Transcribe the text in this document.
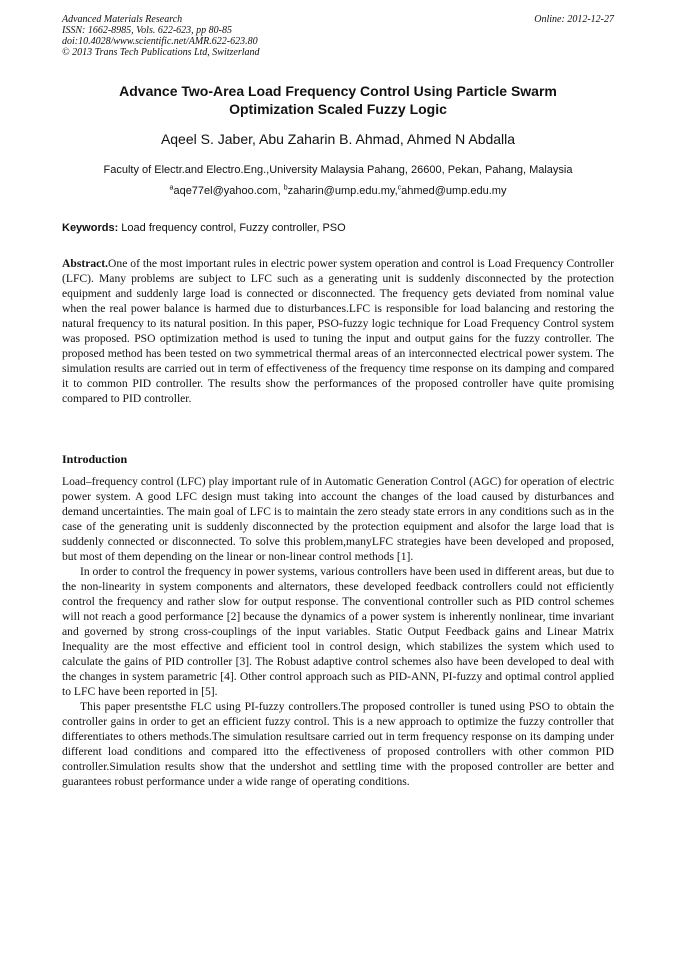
Advanced Materials Research
ISSN: 1662-8985, Vols. 622-623, pp 80-85
doi:10.4028/www.scientific.net/AMR.622-623.80
© 2013 Trans Tech Publications Ltd, Switzerland
Online: 2012-12-27
Advance Two-Area Load Frequency Control Using Particle Swarm
Optimization Scaled Fuzzy Logic
Aqeel S. Jaber, Abu Zaharin B. Ahmad, Ahmed N Abdalla
Faculty of Electr.and Electro.Eng.,University Malaysia Pahang, 26600, Pekan, Pahang, Malaysia
$^a$aqe77el@yahoo.com, $^b$zaharin@ump.edu.my,$^c$ahmed@ump.edu.my
Keywords: Load frequency control, Fuzzy controller, PSO

Abstract.One of the most important rules in electric power system operation and control is Load Frequency Controller (LFC). Many problems are subject to LFC such as a generating unit is suddenly disconnected by the protection equipment and suddenly large load is connected or disconnected. The frequency gets deviated from nominal value when the real power balance is harmed due to disturbances.LFC is responsible for load balancing and restoring the natural frequency to its natural position. In this paper, PSO-fuzzy logic technique for Load Frequency Control system was proposed. PSO optimization method is used to tuning the input and output gains for the fuzzy controller. The proposed method has been tested on two symmetrical thermal areas of an interconnected electrical power system. The simulation results are carried out in term of effectiveness of the frequency time response on its damping and compared it to common PID controller. The results show the performances of the proposed controller have quite promising compared to PID controller.

Introduction

Load–frequency control (LFC) play important rule of in Automatic Generation Control (AGC) for operation of electric power system. A good LFC design must taking into account the changes of the load caused by disturbances and demand uncertainties. The main goal of LFC is to maintain the zero steady state errors in any conditions such as in the case of the generating unit is suddenly disconnected by the protection equipment and alsofor the large load that is suddenly connected or disconnected. To solve this problem,manyLFC strategies have been developed and proposed, but most of them depending on the linear or non-linear control methods [1].

In order to control the frequency in power systems, various controllers have been used in different areas, but due to the non-linearity in system components and alternators, these developed feedback controllers could not efficiently control the frequency and rather slow for output response. The conventional controller such as PID control schemes will not reach a good performance [2] because the dynamics of a power system is inherently nonlinear, time invariant and governed by strong cross-couplings of the input variables. Static Output Feedback gains and Linear Matrix Inequality are the most effective and efficient tool in control design, which stabilizes the system which used to calculate the gains of PID controller [3]. The Robust adaptive control schemes also have been developed to deal with the changes in system parametric [4]. Other control approach such as PID-ANN, PI-fuzzy and optimal control applied to LFC have been reported in [5].

This paper presentsthe FLC using PI-fuzzy controllers.The proposed controller is tuned using PSO to obtain the controller gains in order to get an efficient fuzzy control. This is a new approach to optimize the fuzzy controller that differentiates to others methods.The simulation resultsare carried out in term frequency response on its damping under different load conditions and compared itto the effectiveness of proposed controllers with other common PID controller.Simulation results show that the undershot and settling time with the proposed controller are better and guarantees robust performance under a wide range of operating conditions.
